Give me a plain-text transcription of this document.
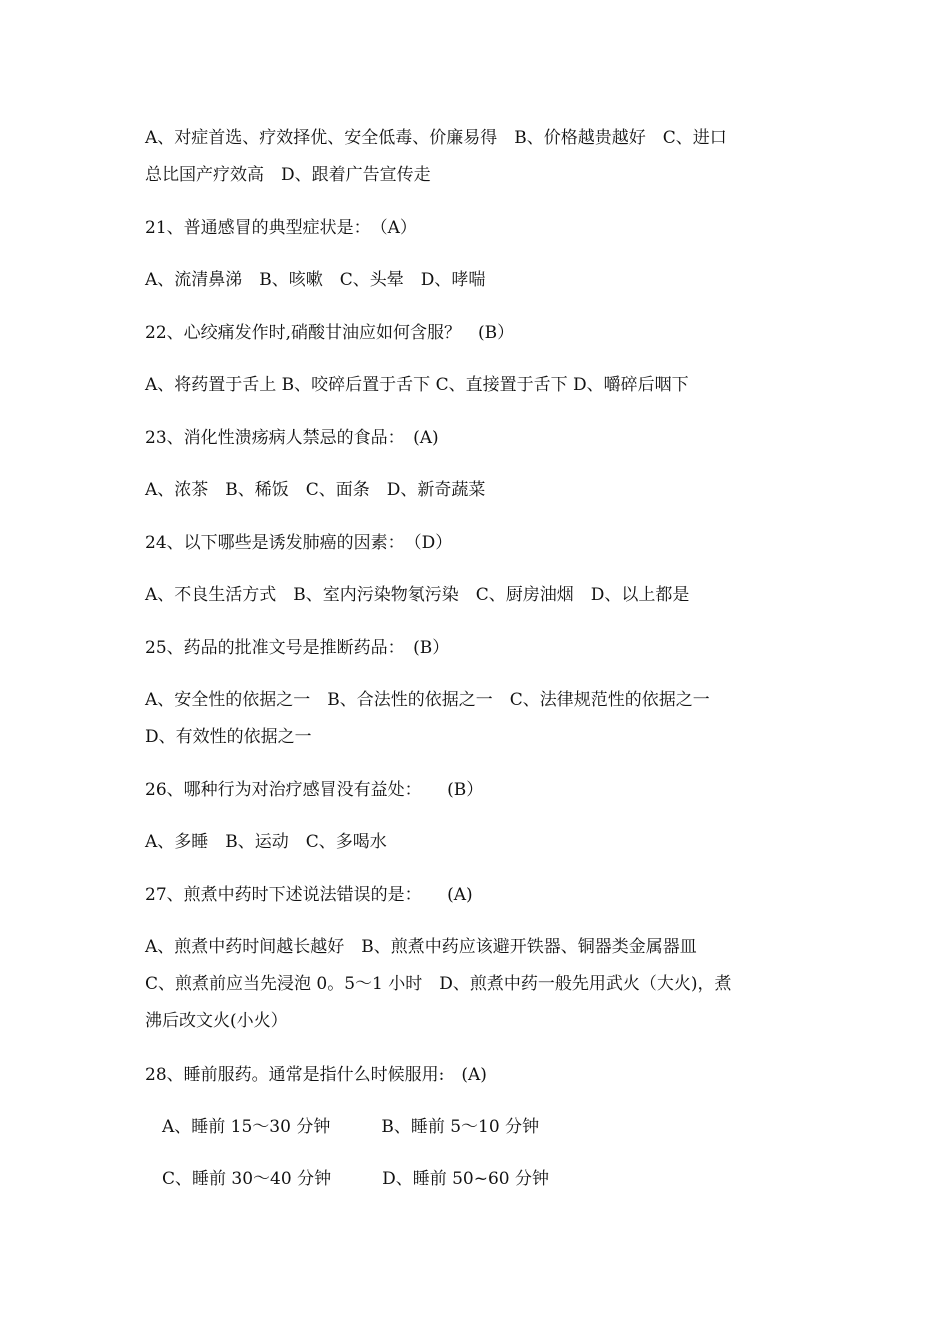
A、对症首选、疗效择优、安全低毒、价廉易得　B、价格越贵越好　C、进口
总比国产疗效高　D、跟着广告宣传走
21、普通感冒的典型症状是：　（A）
A、流清鼻涕　B、咳嗽　C、头晕　D、哮喘
22、心绞痛发作时,硝酸甘油应如何含服？　(B）
A、将药置于舌上 B、咬碎后置于舌下 C、直接置于舌下 D、嚼碎后咽下
23、消化性溃疡病人禁忌的食品：　(A)
A、浓茶　B、稀饭　C、面条　D、新奇蔬菜
24、以下哪些是诱发肺癌的因素：　（D）
A、不良生活方式　B、室内污染物氡污染　C、厨房油烟　D、以上都是
25、药品的批准文号是推断药品：　(B）
A、安全性的依据之一　B、合法性的依据之一　C、法律规范性的依据之一
D、有效性的依据之一
26、哪种行为对治疗感冒没有益处：　　(B）
A、多睡　B、运动　C、多喝水
27、煎煮中药时下述说法错误的是：　　(A)
A、煎煮中药时间越长越好　B、煎煮中药应该避开铁器、铜器类金属器皿
C、煎煮前应当先浸泡 0。5～1 小时　D、煎煮中药一般先用武火（大火)，煮
沸后改文火(小火）
28、睡前服药。通常是指什么时候服用:　(A)
A、睡前 15～30 分钟　　　B、睡前 5～10 分钟
C、睡前 30～40 分钟　　　D、睡前 50~60 分钟
